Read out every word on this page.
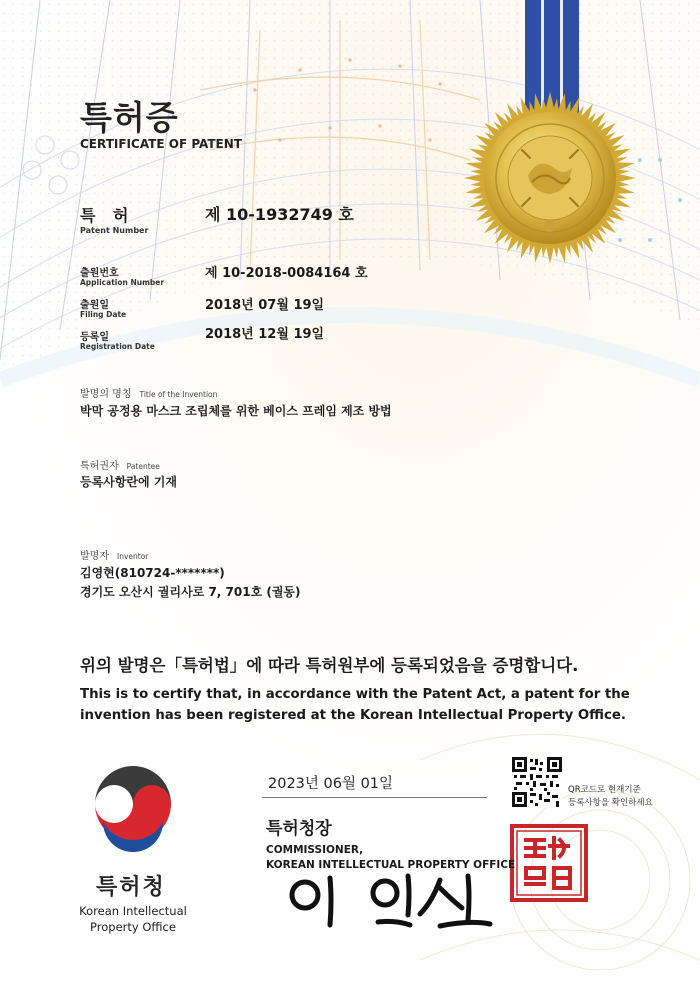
특허증
CERTIFICATE OF PATENT
특 허
Patent Number
제 10-1932749 호
출원번호
Application Number
제 10-2018-0084164 호
출원일
Filing Date
2018년 07월 19일
등록일
Registration Date
2018년 12월 19일
발명의 명칭 Title of the Invention
박막 공정용 마스크 조립체를 위한 베이스 프레임 제조 방법
특허권자 Patentee
등록사항란에 기재
발명자 Inventor
김영현(810724-*******)
경기도 오산시 궐리사로 7, 701호 (궐동)
위의 발명은「특허법」에 따라 특허원부에 등록되었음을 증명합니다.
This is to certify that, in accordance with the Patent Act, a patent for the invention has been registered at the Korean Intellectual Property Office.
2023년 06월 01일
특허청장
COMMISSIONER,
KOREAN INTELLECTUAL PROPERTY OFFICE
특허청
Korean Intellectual Property Office
QR코드로 현재기준
등록사항을 확인하세요
